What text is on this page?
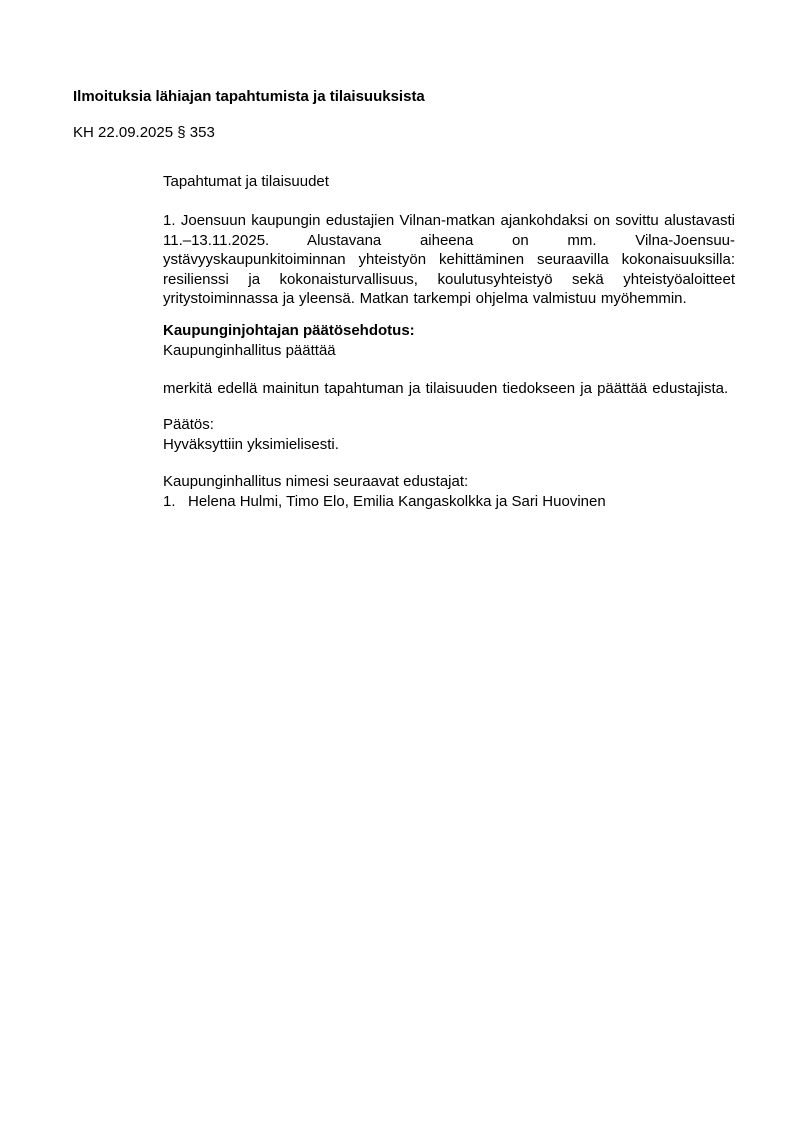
Ilmoituksia lähiajan tapahtumista ja tilaisuuksista
KH 22.09.2025 § 353
Tapahtumat ja tilaisuudet
1. Joensuun kaupungin edustajien Vilnan-matkan ajankohdaksi on sovittu alustavasti 11.–13.11.2025. Alustavana aiheena on mm. Vilna-Joensuu-ystävyyskaupunkitoiminnan yhteistyön kehittäminen seuraavilla kokonaisuuksilla: resilienssi ja kokonaisturvallisuus, koulutusyhteistyö sekä yhteistyöaloitteet yritystoiminnassa ja yleensä. Matkan tarkempi ohjelma valmistuu myöhemmin.
Kaupunginjohtajan päätösehdotus:
Kaupunginhallitus päättää
merkitä edellä mainitun tapahtuman ja tilaisuuden tiedokseen ja päättää edustajista.
Päätös:
Hyväksyttiin yksimielisesti.
Kaupunginhallitus nimesi seuraavat edustajat:
1. Helena Hulmi, Timo Elo, Emilia Kangaskolkka ja Sari Huovinen
